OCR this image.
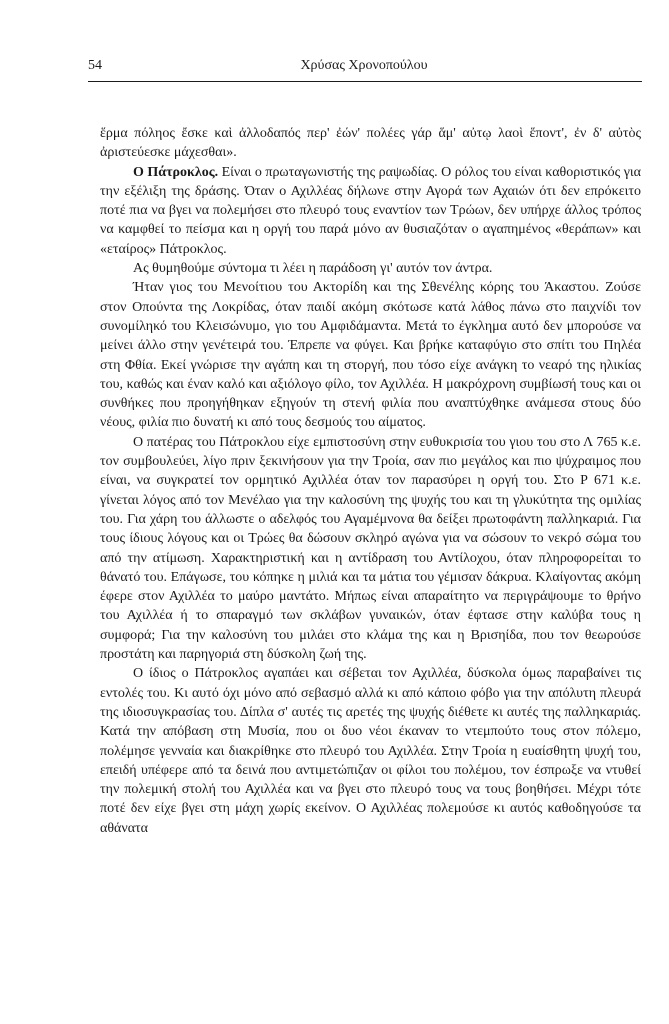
54	Χρύσας Χρονοπούλου

ἕρμα πόληος ἔσκε καὶ ἀλλοδαπός περ' ἐών' πολέες γάρ ἅμ' αὐτῳ λαοὶ ἕποντ', ἐν δ' αὐτὸς ἀριστεύεσκε μάχεσθαι».

Ο Πάτροκλος. Είναι ο πρωταγωνιστής της ραψωδίας. Ο ρόλος του είναι καθοριστικός για την εξέλιξη της δράσης. Όταν ο Αχιλλέας δήλωνε στην Αγορά των Αχαιών ότι δεν επρόκειτο ποτέ πια να βγει να πολεμήσει στο πλευρό τους εναντίον των Τρώων, δεν υπήρχε άλλος τρόπος να καμφθεί το πείσμα και η οργή του παρά μόνο αν θυσιαζόταν ο αγαπημένος «θεράπων» και «εταίρος» Πάτροκλος.

Ας θυμηθούμε σύντομα τι λέει η παράδοση γι' αυτόν τον άντρα.

Ήταν γιος του Μενοίτιου του Ακτορίδη και της Σθενέλης κόρης του Άκαστου. Ζούσε στον Οπούντα της Λοκρίδας, όταν παιδί ακόμη σκότωσε κατά λάθος πάνω στο παιχνίδι τον συνομίληκό του Κλεισώνυμο, γιο του Αμφιδάμαντα. Μετά το έγκλημα αυτό δεν μπορούσε να μείνει άλλο στην γενέτειρά του. Έπρεπε να φύγει. Και βρήκε καταφύγιο στο σπίτι του Πηλέα στη Φθία. Εκεί γνώρισε την αγάπη και τη στοργή, που τόσο είχε ανάγκη το νεαρό της ηλικίας του, καθώς και έναν καλό και αξιόλογο φίλο, τον Αχιλλέα. Η μακρόχρονη συμβίωσή τους και οι συνθήκες που προηγήθηκαν εξηγούν τη στενή φιλία που αναπτύχθηκε ανάμεσα στους δύο νέους, φιλία πιο δυνατή κι από τους δεσμούς του αίματος.

Ο πατέρας του Πάτροκλου είχε εμπιστοσύνη στην ευθυκρισία του γιου του στο Λ 765 κ.ε. τον συμβουλεύει, λίγο πριν ξεκινήσουν για την Τροία, σαν πιο μεγάλος και πιο ψύχραιμος που είναι, να συγκρατεί τον ορμητικό Αχιλλέα όταν τον παρασύρει η οργή του. Στο Ρ 671 κ.ε. γίνεται λόγος από τον Μενέλαο για την καλοσύνη της ψυχής του και τη γλυκύτητα της ομιλίας του. Για χάρη του άλλωστε ο αδελφός του Αγαμέμνονα θα δείξει πρωτοφάντη παλληκαριά. Για τους ίδιους λόγους και οι Τρώες θα δώσουν σκληρό αγώνα για να σώσουν το νεκρό σώμα του από την ατίμωση. Χαρακτηριστική και η αντίδραση του Αντίλοχου, όταν πληροφορείται το θάνατό του. Επάγωσε, του κόπηκε η μιλιά και τα μάτια του γέμισαν δάκρυα. Κλαίγοντας ακόμη έφερε στον Αχιλλέα το μαύρο μαντάτο. Μήπως είναι απαραίτητο να περιγράψουμε το θρήνο του Αχιλλέα ή το σπαραγμό των σκλάβων γυναικών, όταν έφτασε στην καλύβα τους η συμφορά; Για την καλοσύνη του μιλάει στο κλάμα της και η Βρισηίδα, που τον θεωρούσε προστάτη και παρηγοριά στη δύσκολη ζωή της.

Ο ίδιος ο Πάτροκλος αγαπάει και σέβεται τον Αχιλλέα, δύσκολα όμως παραβαίνει τις εντολές του. Κι αυτό όχι μόνο από σεβασμό αλλά κι από κάποιο φόβο για την απόλυτη πλευρά της ιδιοσυγκρασίας του. Δίπλα σ' αυτές τις αρετές της ψυχής διέθετε κι αυτές της παλληκαριάς. Κατά την απόβαση στη Μυσία, που οι δυο νέοι έκαναν το ντεμπούτο τους στον πόλεμο, πολέμησε γενναία και διακρίθηκε στο πλευρό του Αχιλλέα. Στην Τροία η ευαίσθητη ψυχή του, επειδή υπέφερε από τα δεινά που αντιμετώπιζαν οι φίλοι του πολέμου, τον έσπρωξε να ντυθεί την πολεμική στολή του Αχιλλέα και να βγει στο πλευρό τους να τους βοηθήσει. Μέχρι τότε ποτέ δεν είχε βγει στη μάχη χωρίς εκείνον. Ο Αχιλλέας πολεμούσε κι αυτός καθοδηγούσε τα αθάνατα
